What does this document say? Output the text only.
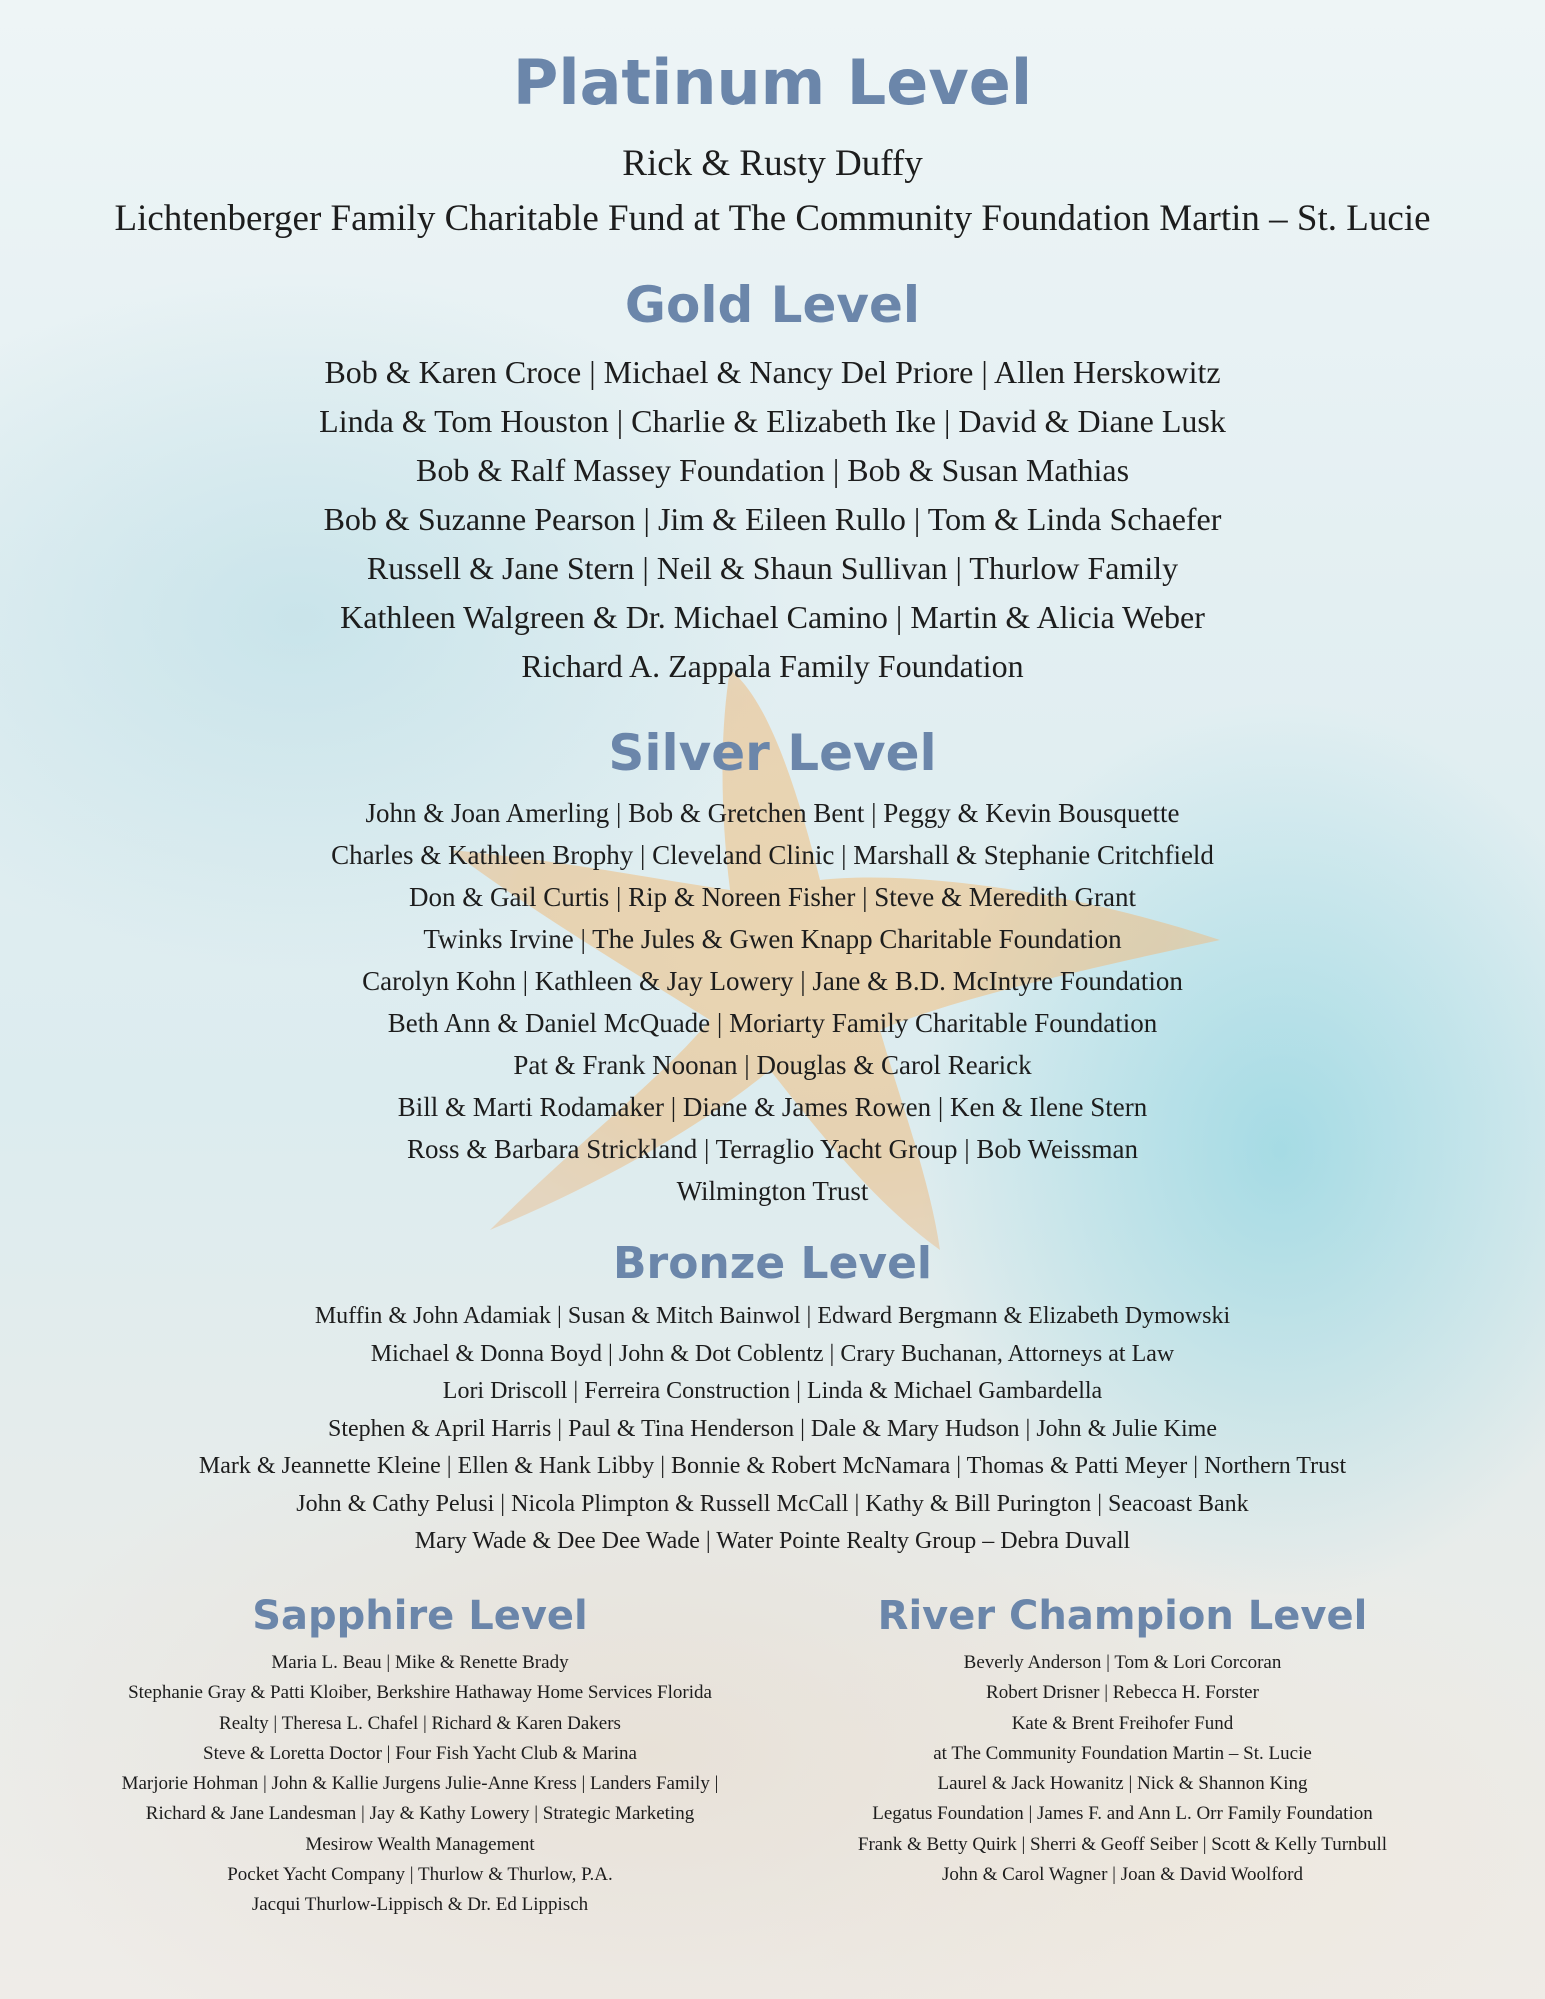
Platinum Level
Rick & Rusty Duffy
Lichtenberger Family Charitable Fund at The Community Foundation Martin – St. Lucie
Gold Level
Bob & Karen Croce | Michael & Nancy Del Priore | Allen Herskowitz
Linda & Tom Houston | Charlie & Elizabeth Ike | David & Diane Lusk
Bob & Ralf Massey Foundation | Bob & Susan Mathias
Bob & Suzanne Pearson | Jim & Eileen Rullo | Tom & Linda Schaefer
Russell & Jane Stern | Neil & Shaun Sullivan | Thurlow Family
Kathleen Walgreen & Dr. Michael Camino | Martin & Alicia Weber
Richard A. Zappala Family Foundation
Silver Level
John & Joan Amerling | Bob & Gretchen Bent | Peggy & Kevin Bousquette
Charles & Kathleen Brophy | Cleveland Clinic | Marshall & Stephanie Critchfield
Don & Gail Curtis | Rip & Noreen Fisher | Steve & Meredith Grant
Twinks Irvine | The Jules & Gwen Knapp Charitable Foundation
Carolyn Kohn | Kathleen & Jay Lowery | Jane & B.D. McIntyre Foundation
Beth Ann & Daniel McQuade | Moriarty Family Charitable Foundation
Pat & Frank Noonan | Douglas & Carol Rearick
Bill & Marti Rodamaker | Diane & James Rowen | Ken & Ilene Stern
Ross & Barbara Strickland | Terraglio Yacht Group | Bob Weissman
Wilmington Trust
Bronze Level
Muffin & John Adamiak | Susan & Mitch Bainwol | Edward Bergmann & Elizabeth Dymowski
Michael & Donna Boyd | John & Dot Coblentz | Crary Buchanan, Attorneys at Law
Lori Driscoll | Ferreira Construction | Linda & Michael Gambardella
Stephen & April Harris | Paul & Tina Henderson | Dale & Mary Hudson | John & Julie Kime
Mark & Jeannette Kleine | Ellen & Hank Libby | Bonnie & Robert McNamara | Thomas & Patti Meyer | Northern Trust
John & Cathy Pelusi | Nicola Plimpton & Russell McCall | Kathy & Bill Purington | Seacoast Bank
Mary Wade & Dee Dee Wade | Water Pointe Realty Group – Debra Duvall
Sapphire Level
Maria L. Beau | Mike & Renette Brady
Stephanie Gray & Patti Kloiber, Berkshire Hathaway Home Services Florida
Realty | Theresa L. Chafel | Richard & Karen Dakers
Steve & Loretta Doctor | Four Fish Yacht Club & Marina
Marjorie Hohman | John & Kallie Jurgens Julie-Anne Kress | Landers Family |
Richard & Jane Landesman | Jay & Kathy Lowery | Strategic Marketing
Mesirow Wealth Management
Pocket Yacht Company | Thurlow & Thurlow, P.A.
Jacqui Thurlow-Lippisch & Dr. Ed Lippisch
River Champion Level
Beverly Anderson | Tom & Lori Corcoran
Robert Drisner | Rebecca H. Forster
Kate & Brent Freihofer Fund
at The Community Foundation Martin – St. Lucie
Laurel & Jack Howanitz | Nick & Shannon King
Legatus Foundation | James F. and Ann L. Orr Family Foundation
Frank & Betty Quirk | Sherri & Geoff Seiber | Scott & Kelly Turnbull
John & Carol Wagner | Joan & David Woolford
